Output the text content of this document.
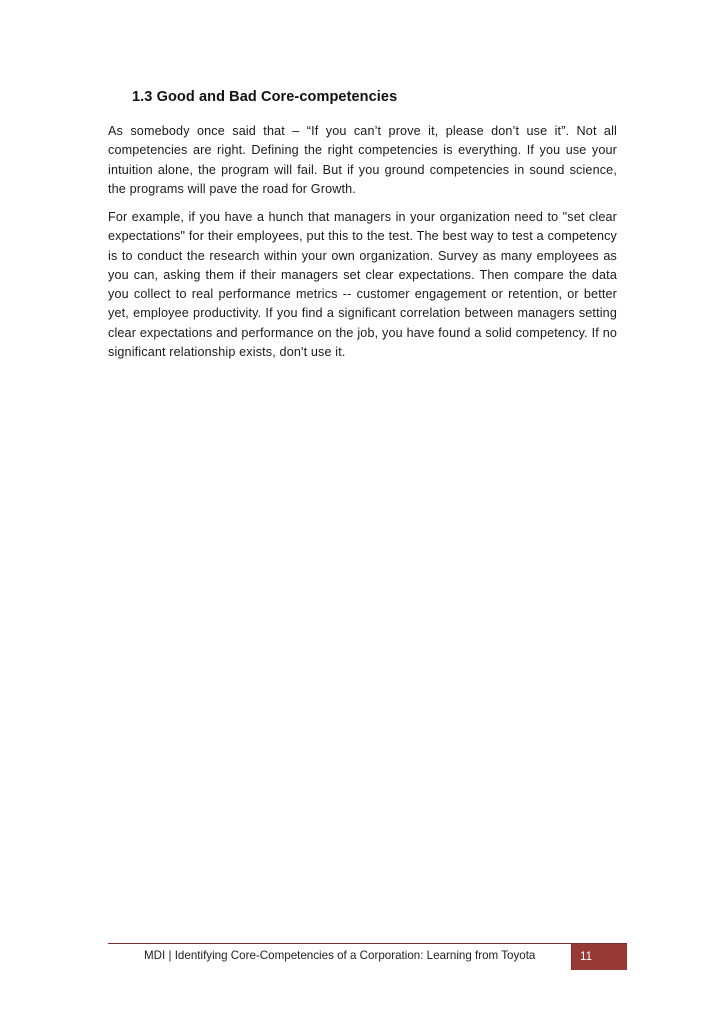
1.3 Good and Bad Core-competencies

As somebody once said that – “If you can’t prove it, please don’t use it”. Not all competencies are right. Defining the right competencies is everything. If you use your intuition alone, the program will fail. But if you ground competencies in sound science, the programs will pave the road for Growth.

For example, if you have a hunch that managers in your organization need to "set clear expectations" for their employees, put this to the test. The best way to test a competency is to conduct the research within your own organization. Survey as many employees as you can, asking them if their managers set clear expectations. Then compare the data you collect to real performance metrics -- customer engagement or retention, or better yet, employee productivity. If you find a significant correlation between managers setting clear expectations and performance on the job, you have found a solid competency. If no significant relationship exists, don't use it.

MDI | Identifying Core-Competencies of a Corporation: Learning from Toyota	11
